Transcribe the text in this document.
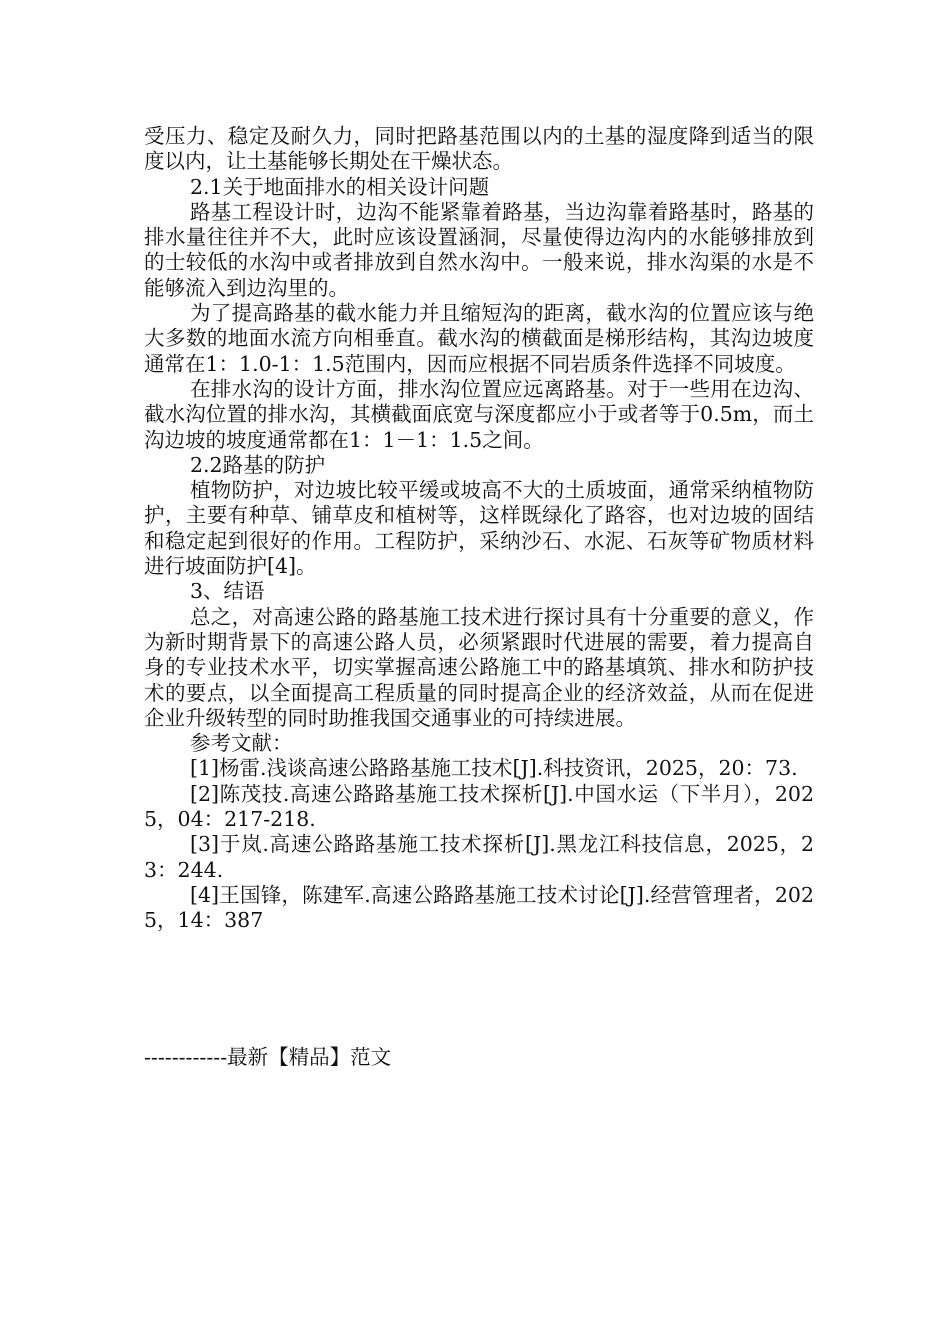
受压力、稳定及耐久力，同时把路基范围以内的土基的湿度降到适当的限度以内，让土基能够长期处在干燥状态。

2.1关于地面排水的相关设计问题

路基工程设计时，边沟不能紧靠着路基，当边沟靠着路基时，路基的排水量往往并不大，此时应该设置涵洞，尽量使得边沟内的水能够排放到的士较低的水沟中或者排放到自然水沟中。一般来说，排水沟渠的水是不能够流入到边沟里的。

为了提高路基的截水能力并且缩短沟的距离，截水沟的位置应该与绝大多数的地面水流方向相垂直。截水沟的横截面是梯形结构，其沟边坡度通常在1：1.0-1：1.5范围内，因而应根据不同岩质条件选择不同坡度。

在排水沟的设计方面，排水沟位置应远离路基。对于一些用在边沟、截水沟位置的排水沟，其横截面底宽与深度都应小于或者等于0.5m，而土沟边坡的坡度通常都在1：1－1：1.5之间。

2.2路基的防护

植物防护，对边坡比较平缓或坡高不大的土质坡面，通常采纳植物防护，主要有种草、铺草皮和植树等，这样既绿化了路容，也对边坡的固结和稳定起到很好的作用。工程防护，采纳沙石、水泥、石灰等矿物质材料进行坡面防护[4]。

3、结语

总之，对高速公路的路基施工技术进行探讨具有十分重要的意义，作为新时期背景下的高速公路人员，必须紧跟时代进展的需要，着力提高自身的专业技术水平，切实掌握高速公路施工中的路基填筑、排水和防护技术的要点，以全面提高工程质量的同时提高企业的经济效益，从而在促进企业升级转型的同时助推我国交通事业的可持续进展。

参考文献：

[1]杨雷.浅谈高速公路路基施工技术[J].科技资讯，2025，20：73.

[2]陈茂技.高速公路路基施工技术探析[J].中国水运（下半月），2025，04：217-218.

[3]于岚.高速公路路基施工技术探析[J].黑龙江科技信息，2025，23：244.

[4]王国锋，陈建军.高速公路路基施工技术讨论[J].经营管理者，2025，14：387

------------最新【精品】范文
